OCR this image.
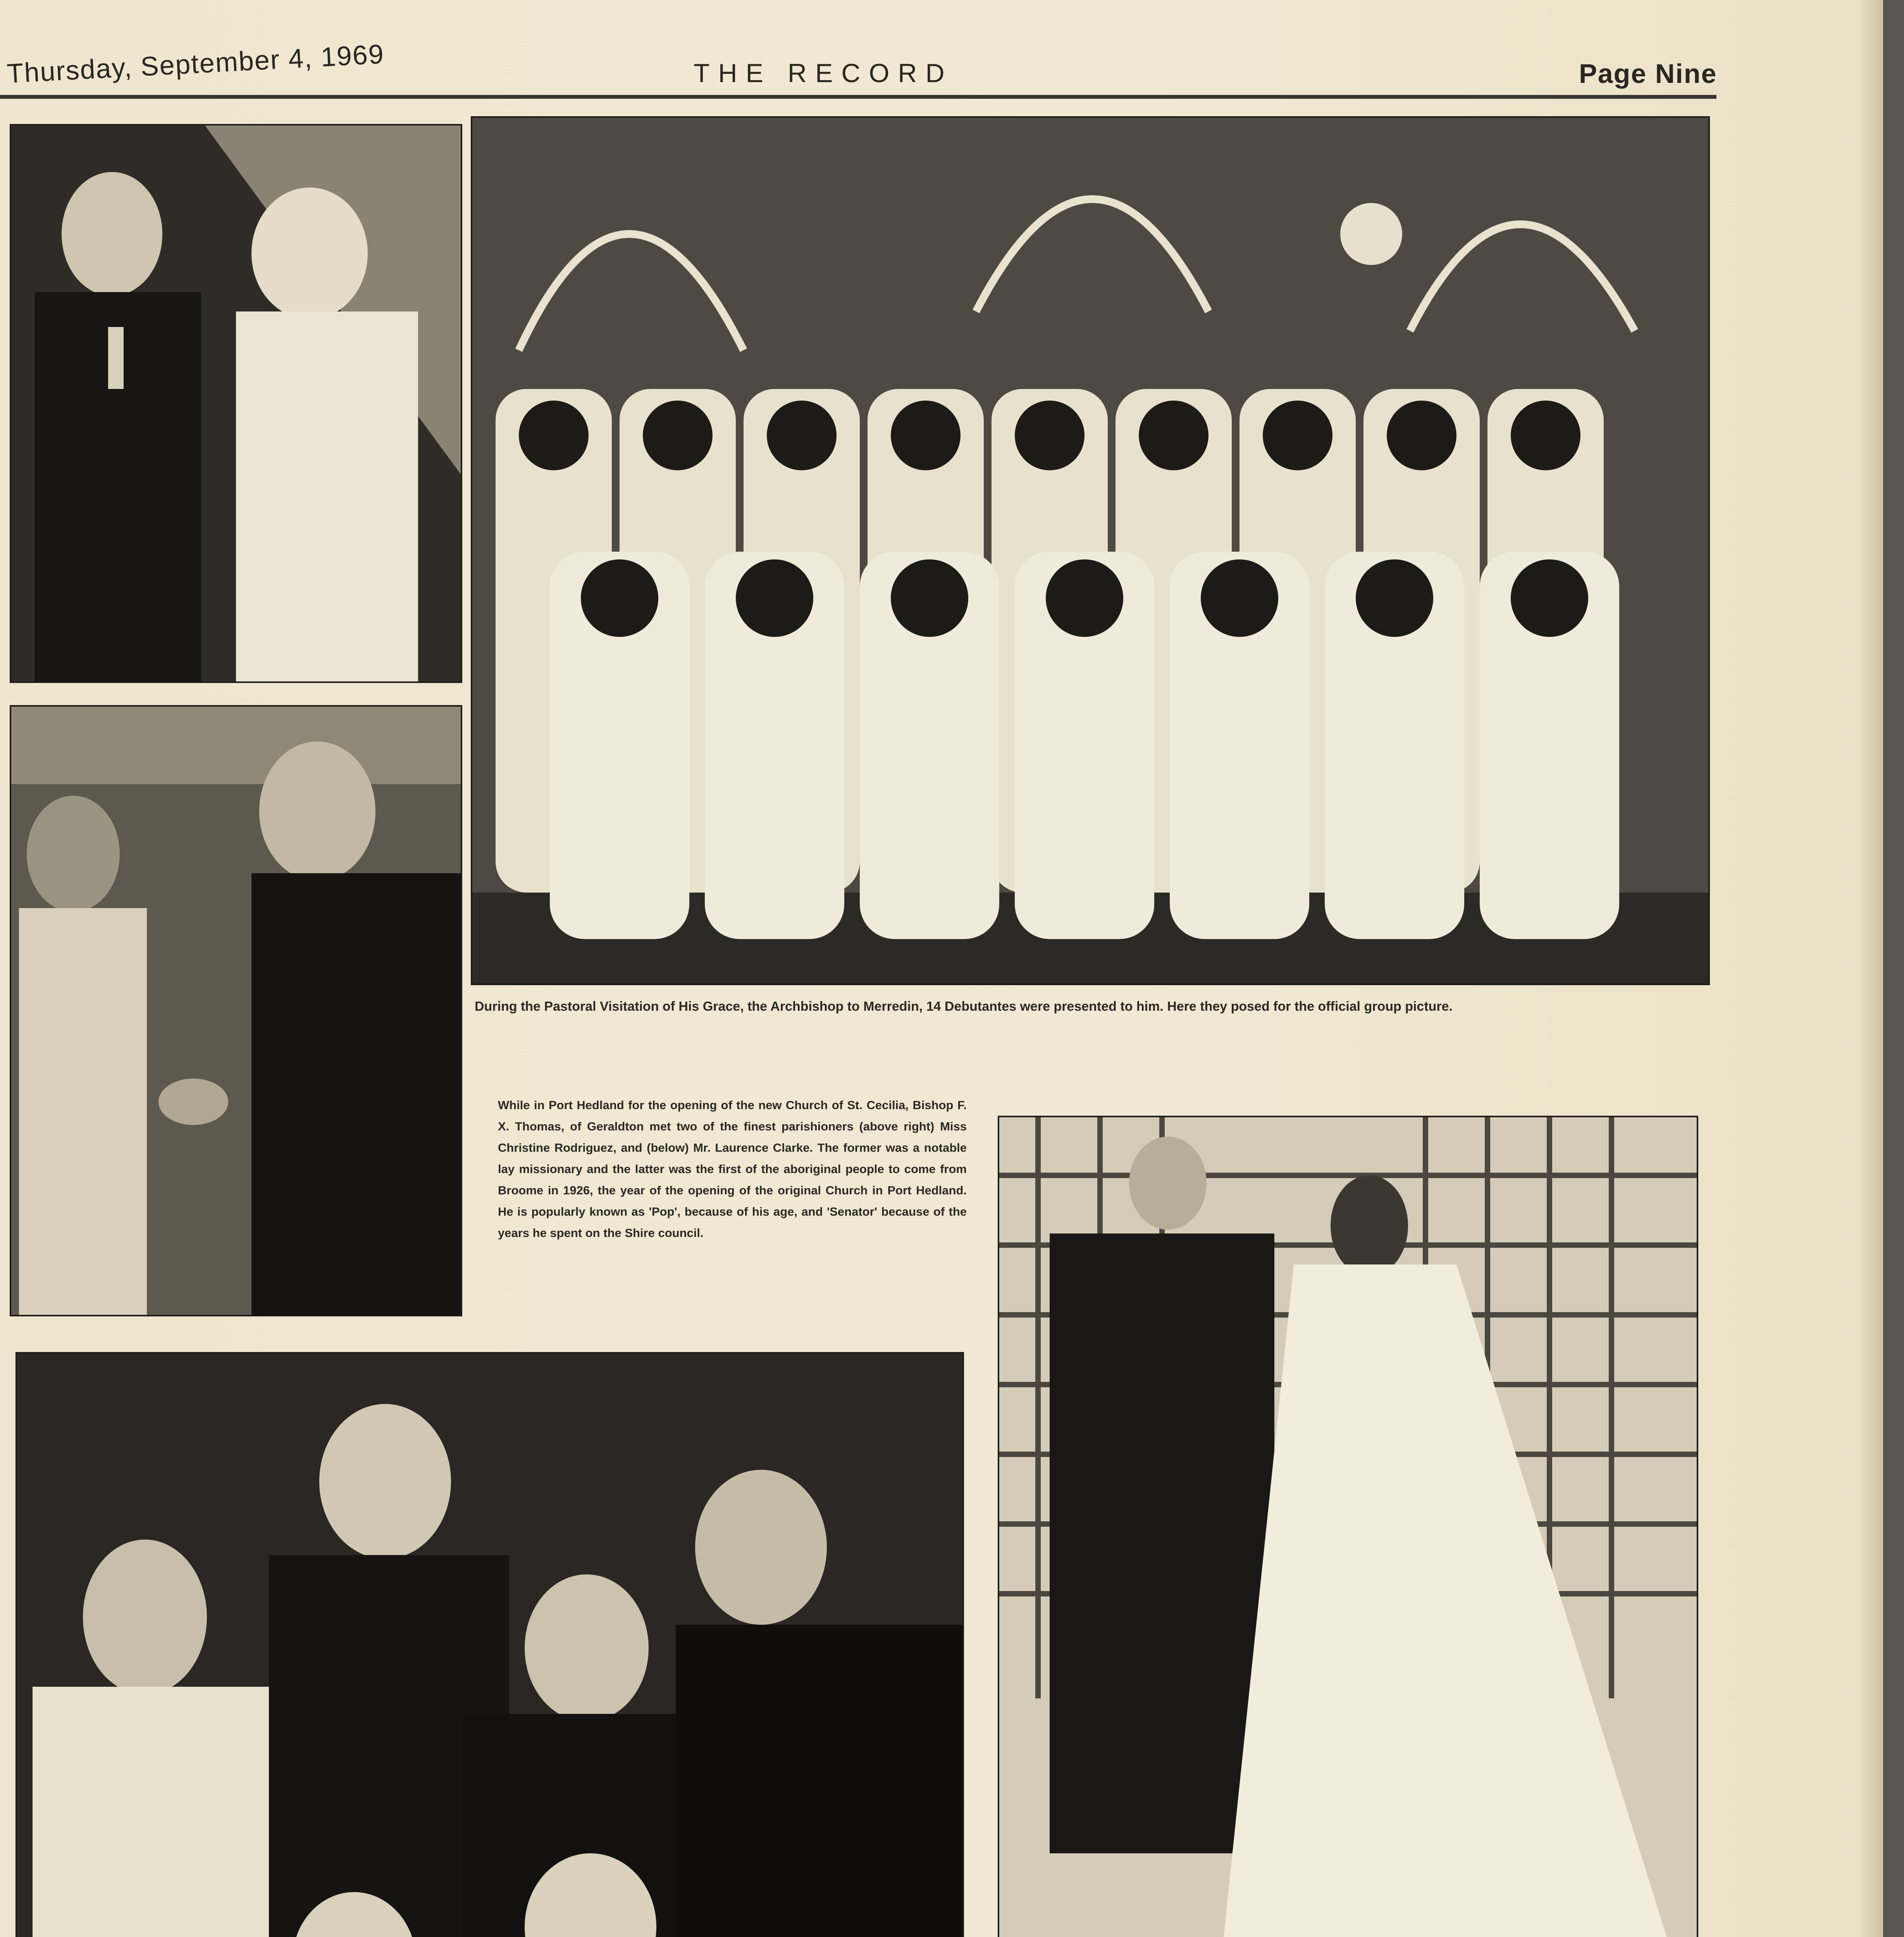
Thursday, September 4, 1969	THE RECORD	Page Nine
During the Pastoral Visitation of His Grace, the Archbishop to Merredin, 14 Debutantes were presented to him. Here they posed for the official group picture.
While in Port Hedland for the opening of the new Church of St. Cecilia, Bishop F. X. Thomas, of Geraldton met two of the finest parishioners (above right) Miss Christine Rodriguez, and (below) Mr. Laurence Clarke. The former was a notable lay missionary and the latter was the first of the aboriginal people to come from Broome in 1926, the year of the opening of the original Church in Port Hedland. He is popularly known as 'Pop', because of his age, and 'Senator' because of the years he spent on the Shire council.
